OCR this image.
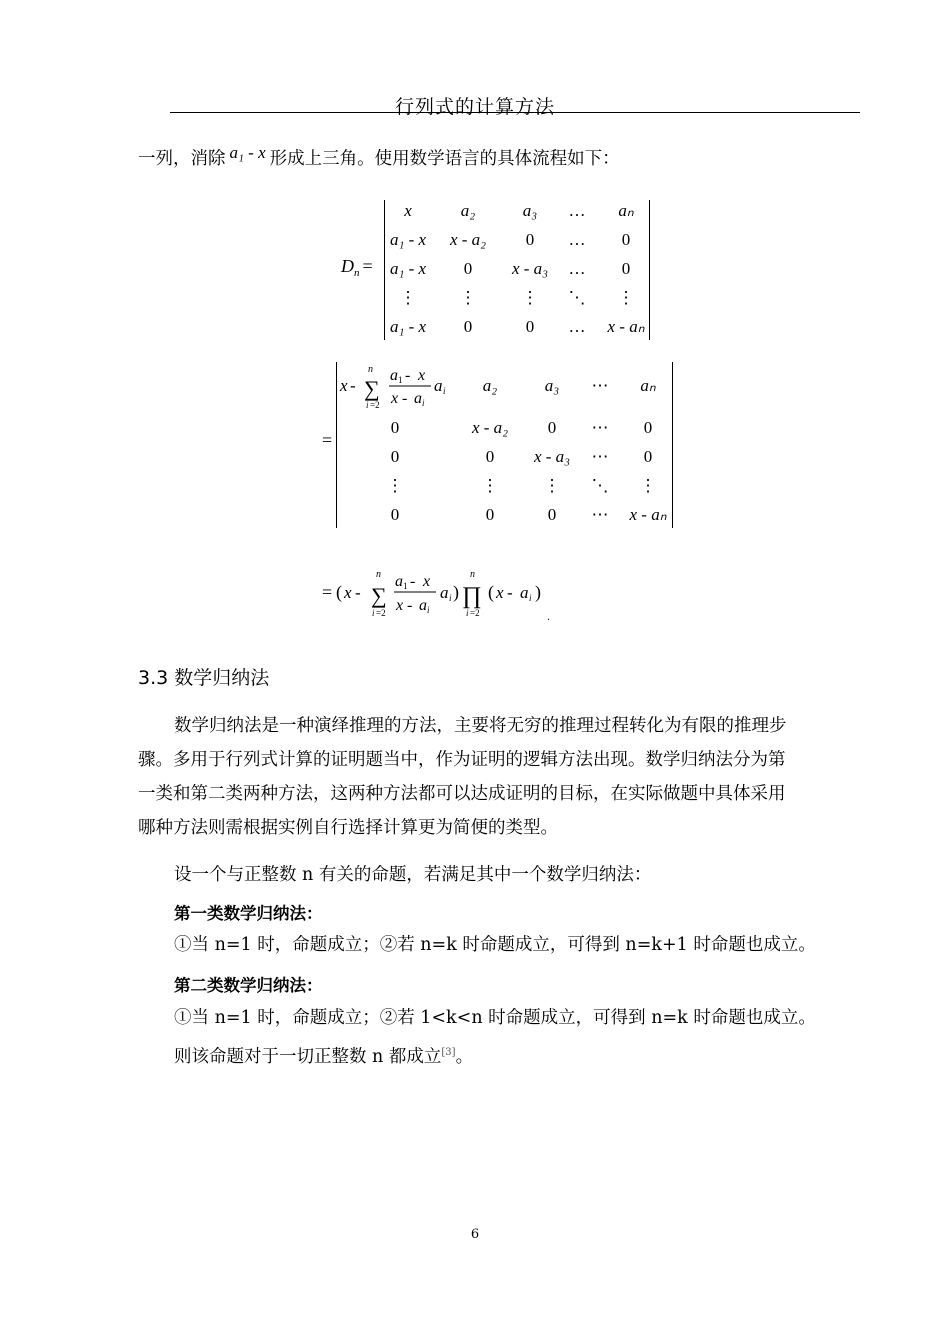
行列式的计算方法
一列，消除 a₁ - x 形成上三角。使用数学语言的具体流程如下：
$D_n$ =
x	a₂	a₃	…	aₙ
a₁ - x	x - a₂	0	…	0
a₁ - x	0	x - a₃	…	0
⋮	⋮	⋮	⋱	⋮
a₁ - x	0	0	…	x - aₙ
=
x -
n
∑
i =2
a 1 - x
x - a i
a i	a₂	a₃	⋯	aₙ
0	x - a₂	0	⋯	0
0	0	x - a₃	⋯	0
⋮	⋮	⋮	⋱	⋮
0	0	0	⋯	x - aₙ
= ( x -
n
∑
i =2
a 1 - x
x - a i
a i )
n
∏
i =2
( x - a i )
.
3.3 数学归纳法
数学归纳法是一种演绎推理的方法，主要将无穷的推理过程转化为有限的推理步
骤。多用于行列式计算的证明题当中，作为证明的逻辑方法出现。数学归纳法分为第
一类和第二类两种方法，这两种方法都可以达成证明的目标，在实际做题中具体采用
哪种方法则需根据实例自行选择计算更为简便的类型。
设一个与正整数 n 有关的命题，若满足其中一个数学归纳法：
第一类数学归纳法：
①当 n=1 时，命题成立；②若 n=k 时命题成立，可得到 n=k+1 时命题也成立。
第二类数学归纳法：
①当 n=1 时，命题成立；②若 1<k<n 时命题成立，可得到 n=k 时命题也成立。
则该命题对于一切正整数 n 都成立[3]。
6
